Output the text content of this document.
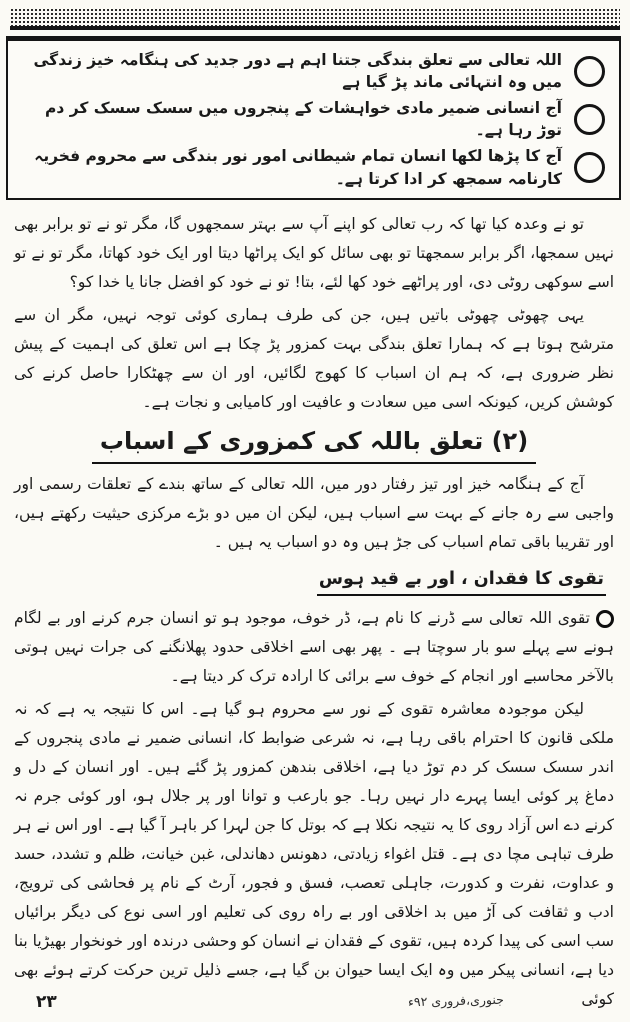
اللہ تعالی سے تعلق بندگی جتنا اہم ہے دور جدید کی ہنگامہ خیز زندگی میں وہ انتہائی ماند پڑ گیا ہے
آج انسانی ضمیر مادی خواہشات کے پنجروں میں سسک سسک کر دم توڑ رہا ہے۔
آج کا پڑھا لکھا انسان تمام شیطانی امور نور بندگی سے محروم فخریہ کارنامہ سمجھ کر ادا کرتا ہے۔

تو نے وعدہ کیا تھا کہ رب تعالی کو اپنے آپ سے بہتر سمجھوں گا، مگر تو نے تو برابر بھی نہیں سمجھا، اگر برابر سمجھتا تو بھی سائل کو ایک پراٹھا دیتا اور ایک خود کھاتا، مگر تو نے تو اسے سوکھی روٹی دی، اور پراٹھے خود کھا لئے، بتا! تو نے خود کو افضل جانا یا خدا کو؟

یہی چھوٹی چھوٹی باتیں ہیں، جن کی طرف ہماری کوئی توجہ نہیں، مگر ان سے مترشح ہوتا ہے کہ ہمارا تعلق بندگی بہت کمزور پڑ چکا ہے اس تعلق کی اہمیت کے پیش نظر ضروری ہے، کہ ہم ان اسباب کا کھوج لگائیں، اور ان سے چھٹکارا حاصل کرنے کی کوشش کریں، کیونکہ اسی میں سعادت و عافیت اور کامیابی و نجات ہے۔

(۲) تعلق باللہ کی کمزوری کے اسباب

آج کے ہنگامہ خیز اور تیز رفتار دور میں، اللہ تعالی کے ساتھ بندے کے تعلقات رسمی اور واجبی سے رہ جانے کے بہت سے اسباب ہیں، لیکن ان میں دو بڑے مرکزی حیثیت رکھتے ہیں، اور تقریبا باقی تمام اسباب کی جڑ ہیں وہ دو اسباب یہ ہیں ۔

تقوی کا فقدان ، اور بے قید ہوس

تقوی اللہ تعالی سے ڈرنے کا نام ہے، ڈر خوف، موجود ہو تو انسان جرم کرنے اور بے لگام ہونے سے پہلے سو بار سوچتا ہے ۔ پھر بھی اسے اخلاقی حدود پھلانگنے کی جرات نہیں ہوتی بالآخر محاسبے اور انجام کے خوف سے برائی کا ارادہ ترک کر دیتا ہے۔

لیکن موجودہ معاشرہ تقوی کے نور سے محروم ہو گیا ہے۔ اس کا نتیجہ یہ ہے کہ نہ ملکی قانون کا احترام باقی رہا ہے، نہ شرعی ضوابط کا، انسانی ضمیر نے مادی پنجروں کے اندر سسک سسک کر دم توڑ دیا ہے، اخلاقی بندھن کمزور پڑ گئے ہیں۔ اور انسان کے دل و دماغ پر کوئی ایسا پہرے دار نہیں رہا۔ جو بارعب و توانا اور پر جلال ہو، اور کوئی جرم نہ کرنے دے اس آزاد روی کا یہ نتیجہ نکلا ہے کہ بوتل کا جن لہرا کر باہر آ گیا ہے۔ اور اس نے ہر طرف تباہی مچا دی ہے۔ قتل اغواء زیادتی، دھونس دھاندلی، غبن خیانت، ظلم و تشدد، حسد و عداوت، نفرت و کدورت، جاہلی تعصب، فسق و فجور، آرٹ کے نام پر فحاشی کی ترویج، ادب و ثقافت کی آڑ میں بد اخلاقی اور بے راہ روی کی تعلیم اور اسی نوع کی دیگر برائیاں سب اسی کی پیدا کردہ ہیں، تقوی کے فقدان نے انسان کو وحشی درندہ اور خونخوار بھیڑیا بنا دیا ہے، انسانی پیکر میں وہ ایک ایسا حیوان بن گیا ہے، جسے ذلیل ترین حرکت کرتے ہوئے بھی کوئی

۲۳	جنوری،فروری ۹۲ء
